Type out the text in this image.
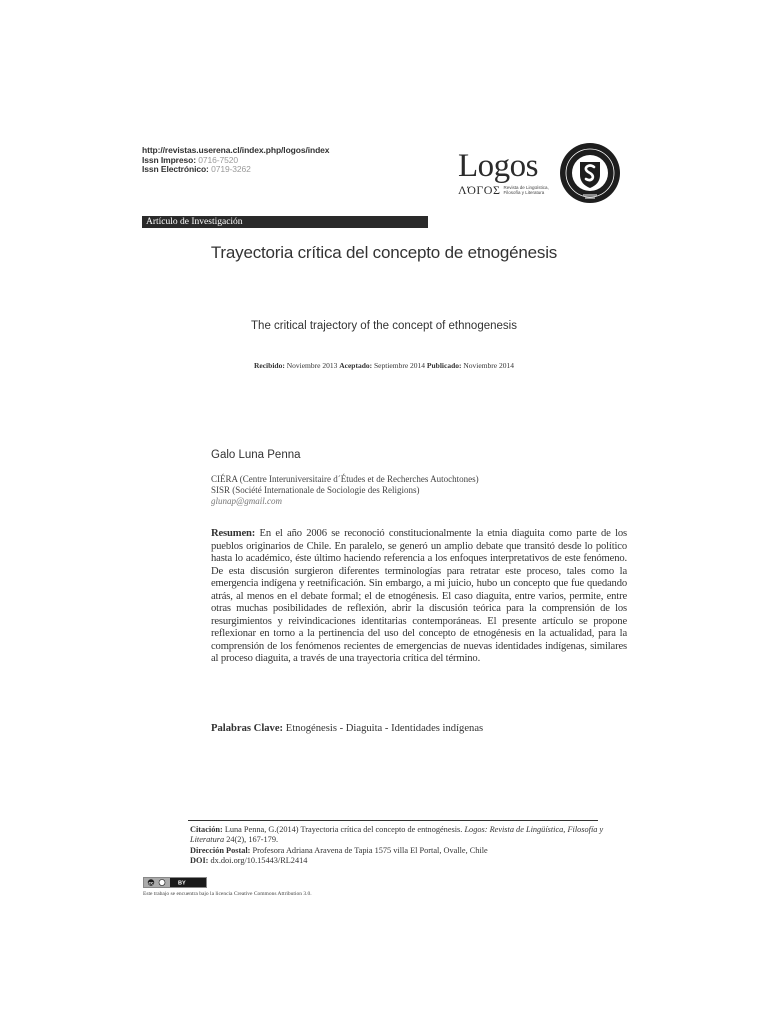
http://revistas.userena.cl/index.php/logos/index
Issn Impreso: 0716-7520
Issn Electrónico: 0719-3262	Logos
ΛΌΓΟΣ Revista de Lingüística,
Filosofía y Literatura
Artículo de Investigación
Trayectoria crítica del concepto de etnogénesis
The critical trajectory of the concept of ethnogenesis
Recibido: Noviembre 2013 Aceptado: Septiembre 2014 Publicado: Noviembre 2014
Galo Luna Penna
CIÉRA (Centre Interuniversitaire d´Études et de Recherches Autochtones)
SISR (Société Internationale de Sociologie des Religions)
glunap@gmail.com
Resumen: En el año 2006 se reconoció constitucionalmente la etnia diaguita como parte de los pueblos originarios de Chile. En paralelo, se generó un amplio debate que transitó desde lo político hasta lo académico, éste último haciendo referencia a los enfoques interpretativos de este fenómeno. De esta discusión surgieron diferentes terminologías para retratar este proceso, tales como la emergencia indígena y reetnificación. Sin embargo, a mi juicio, hubo un concepto que fue quedando atrás, al menos en el debate formal; el de etnogénesis. El caso diaguita, entre varios, permite, entre otras muchas posibilidades de reflexión, abrir la discusión teórica para la comprensión de los resurgimientos y reivindicaciones identitarias contemporáneas. El presente artículo se propone reflexionar en torno a la pertinencia del uso del concepto de etnogénesis en la actualidad, para la comprensión de los fenómenos recientes de emergencias de nuevas identidades indígenas, similares al proceso diaguita, a través de una trayectoria crítica del término.
Palabras Clave: Etnogénesis - Diaguita - Identidades indígenas
Citación: Luna Penna, G.(2014) Trayectoria crítica del concepto de entnogénesis. Logos: Revista de Lingüística, Filosofía y Literatura 24(2), 167-179.
Dirección Postal: Profesora Adriana Aravena de Tapia 1575 villa El Portal, Ovalle, Chile
DOI: dx.doi.org/10.15443/RL2414
cc	BY
Este trabajo se encuentra bajo la licencia Creative Commons Attribution 3.0.
